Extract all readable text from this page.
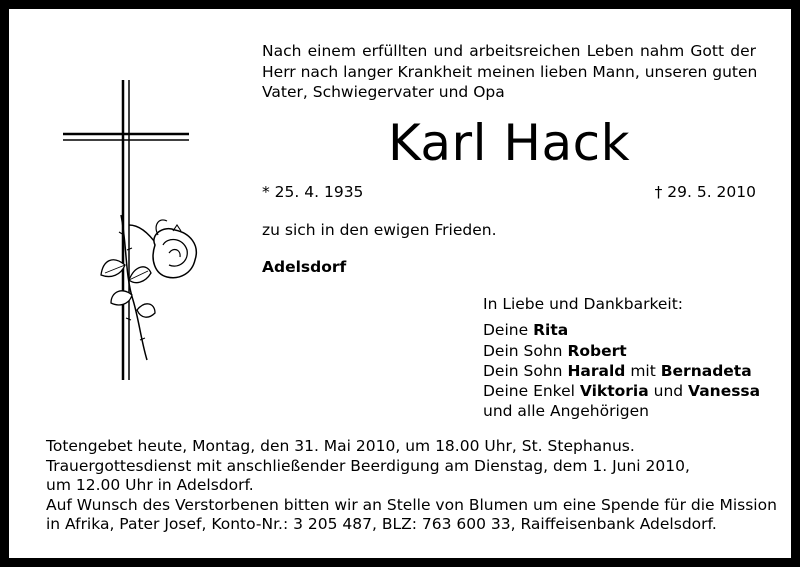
Nach einem erfüllten und arbeitsreichen Leben nahm Gott der
Herr nach langer Krankheit meinen lieben Mann, unseren guten
Vater, Schwiegervater und Opa
Karl Hack
* 25. 4. 1935	† 29. 5. 2010
zu sich in den ewigen Frieden.
Adelsdorf
In Liebe und Dankbarkeit:
Deine Rita
Dein Sohn Robert
Dein Sohn Harald mit Bernadeta
Deine Enkel Viktoria und Vanessa
und alle Angehörigen
Totengebet heute, Montag, den 31. Mai 2010, um 18.00 Uhr, St. Stephanus.
Trauergottesdienst mit anschließender Beerdigung am Dienstag, dem 1. Juni 2010,
um 12.00 Uhr in Adelsdorf.
Auf Wunsch des Verstorbenen bitten wir an Stelle von Blumen um eine Spende für die Mission
in Afrika, Pater Josef, Konto-Nr.: 3 205 487, BLZ: 763 600 33, Raiffeisenbank Adelsdorf.
